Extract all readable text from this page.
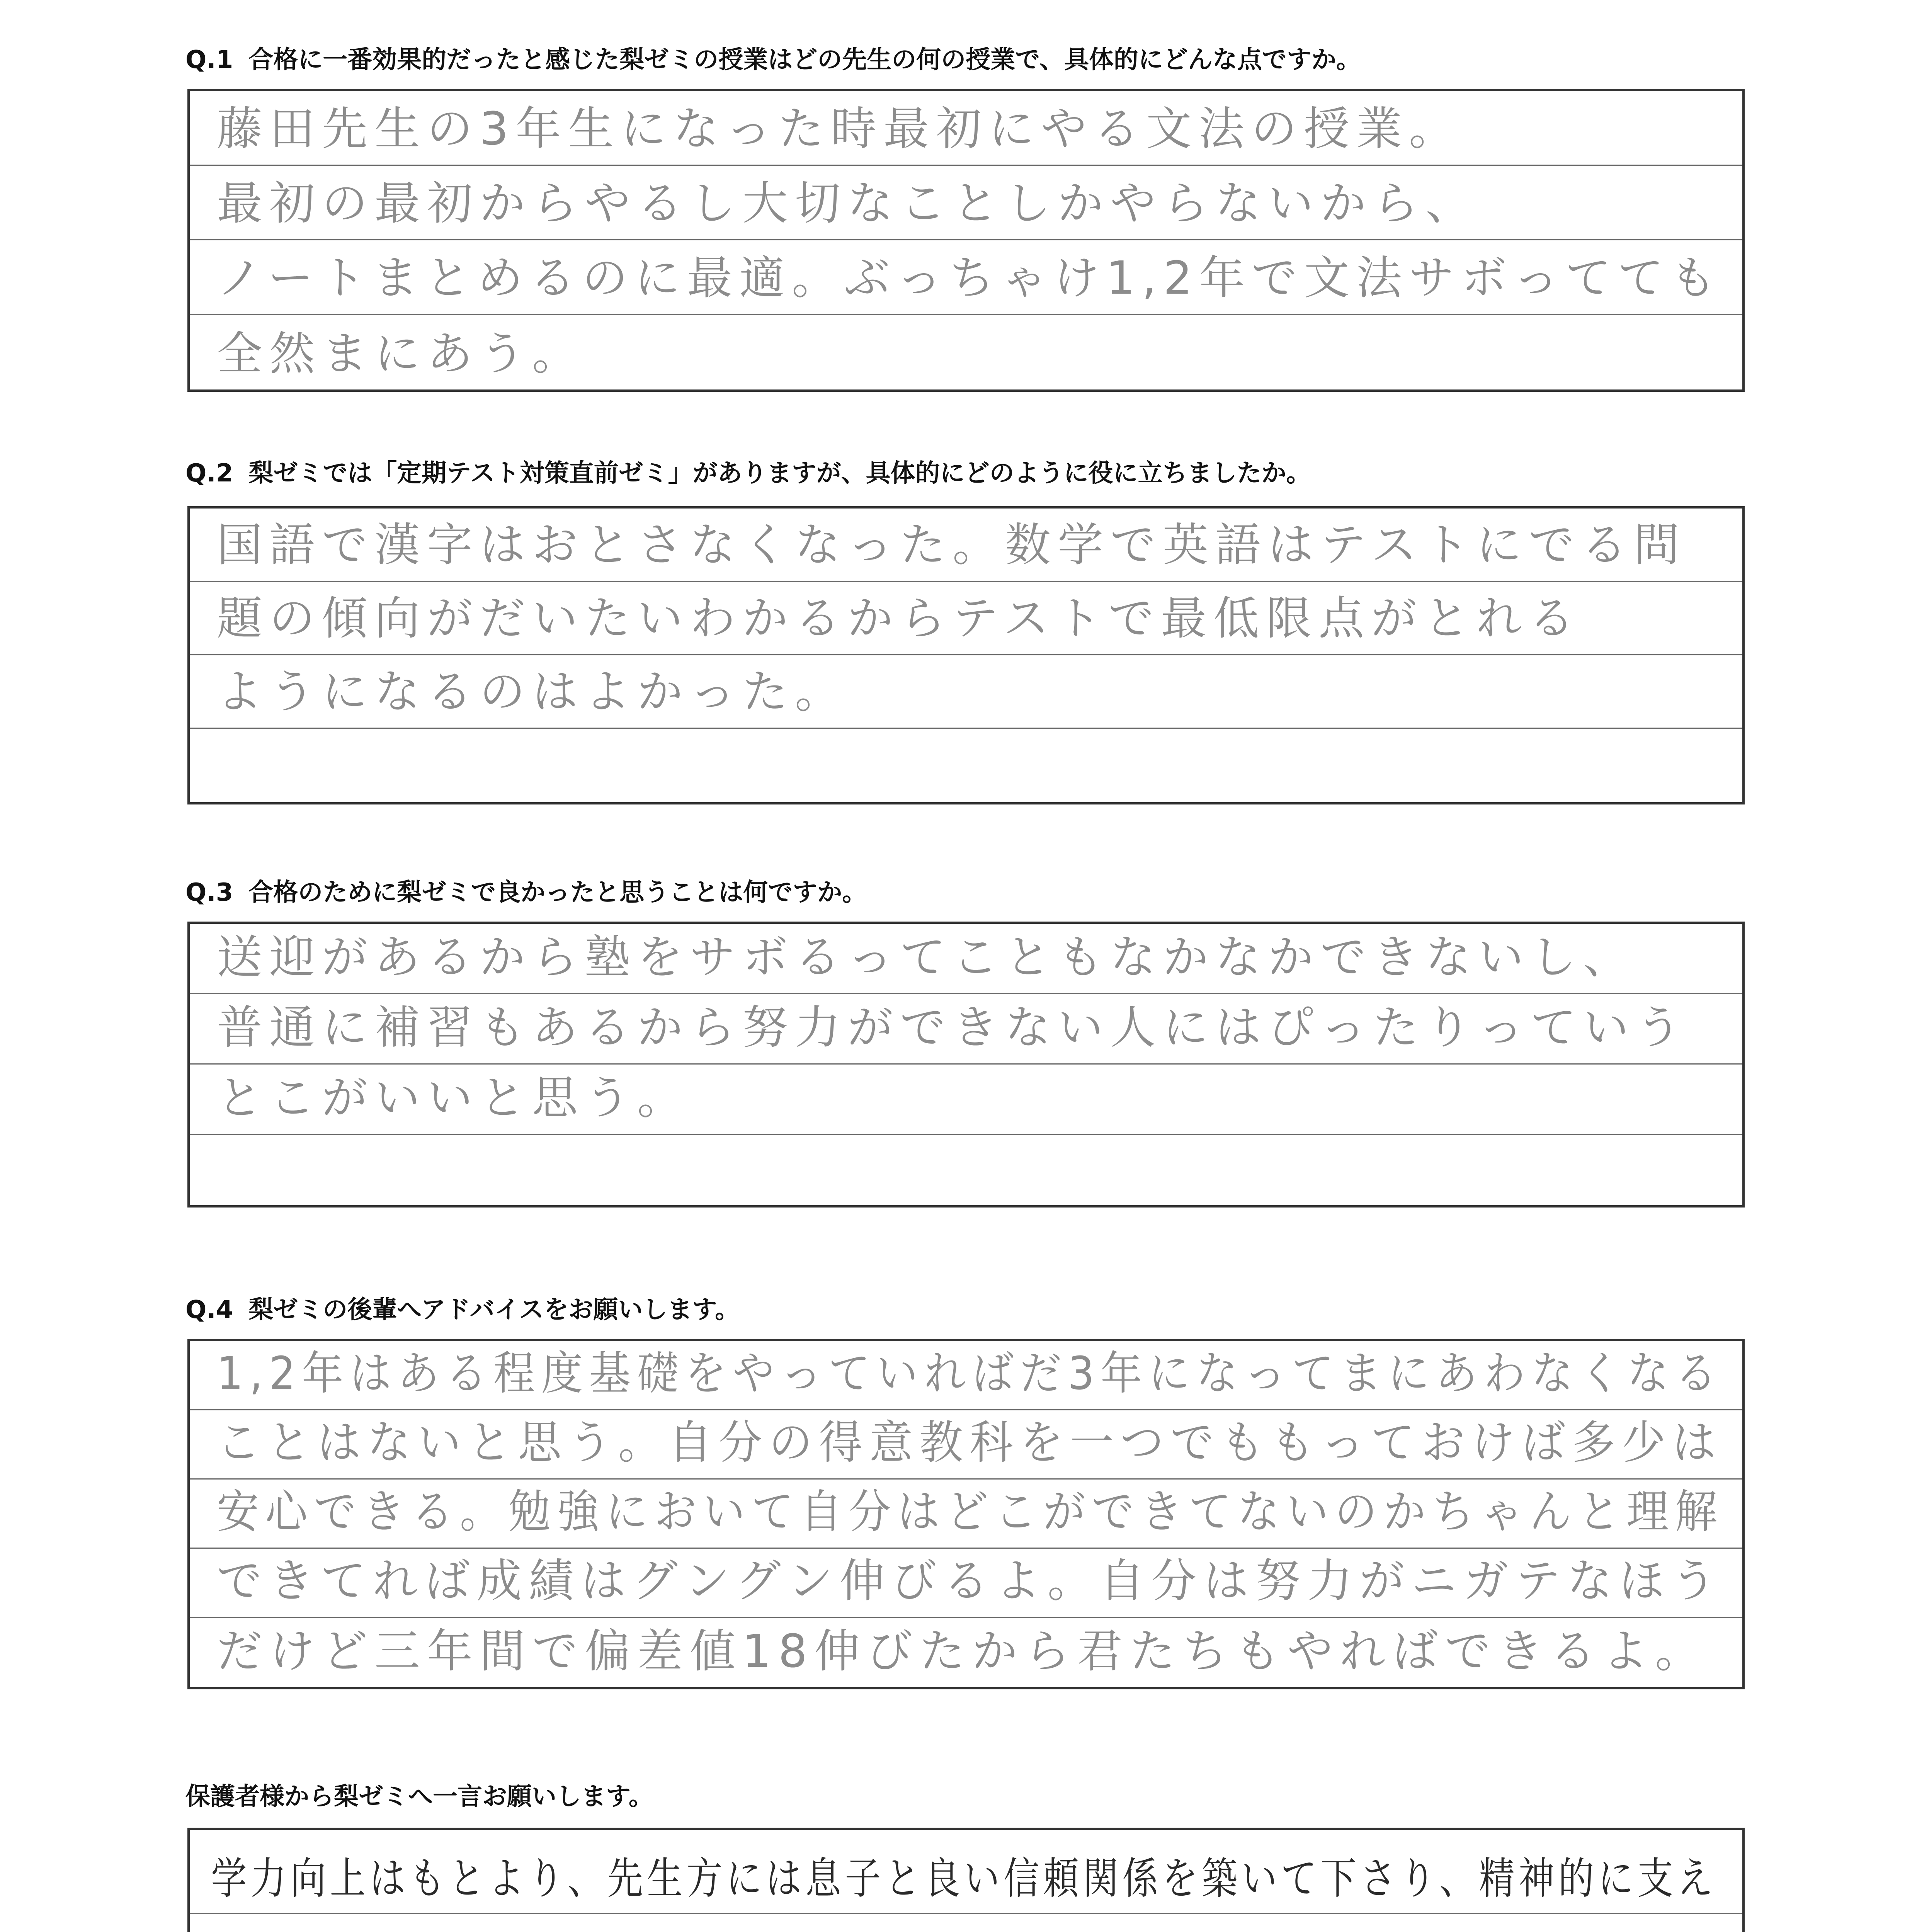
Q.1 合格に一番効果的だったと感じた梨ゼミの授業はどの先生の何の授業で、具体的にどんな点ですか。
藤田先生の3年生になった時最初にやる文法の授業。
最初の最初からやるし大切なことしかやらないから、
ノートまとめるのに最適。ぶっちゃけ1,2年で文法サボってても
全然まにあう。
Q.2 梨ゼミでは「定期テスト対策直前ゼミ」がありますが、具体的にどのように役に立ちましたか。
国語で漢字はおとさなくなった。数学で英語はテストにでる問
題の傾向がだいたいわかるからテストで最低限点がとれる
ようになるのはよかった。
Q.3 合格のために梨ゼミで良かったと思うことは何ですか。
送迎があるから塾をサボるってこともなかなかできないし、
普通に補習もあるから努力ができない人にはぴったりっていう
とこがいいと思う。
Q.4 梨ゼミの後輩へアドバイスをお願いします。
1,2年はある程度基礎をやっていればだ3年になってまにあわなくなる
ことはないと思う。自分の得意教科を一つでももっておけば多少は
安心できる。勉強において自分はどこができてないのかちゃんと理解
できてれば成績はグングン伸びるよ。自分は努力がニガテなほう
だけど三年間で偏差値18伸びたから君たちもやればできるよ。
保護者様から梨ゼミへ一言お願いします。
学力向上はもとより、先生方には息子と良い信頼関係を築いて下さり、精神的に支え
